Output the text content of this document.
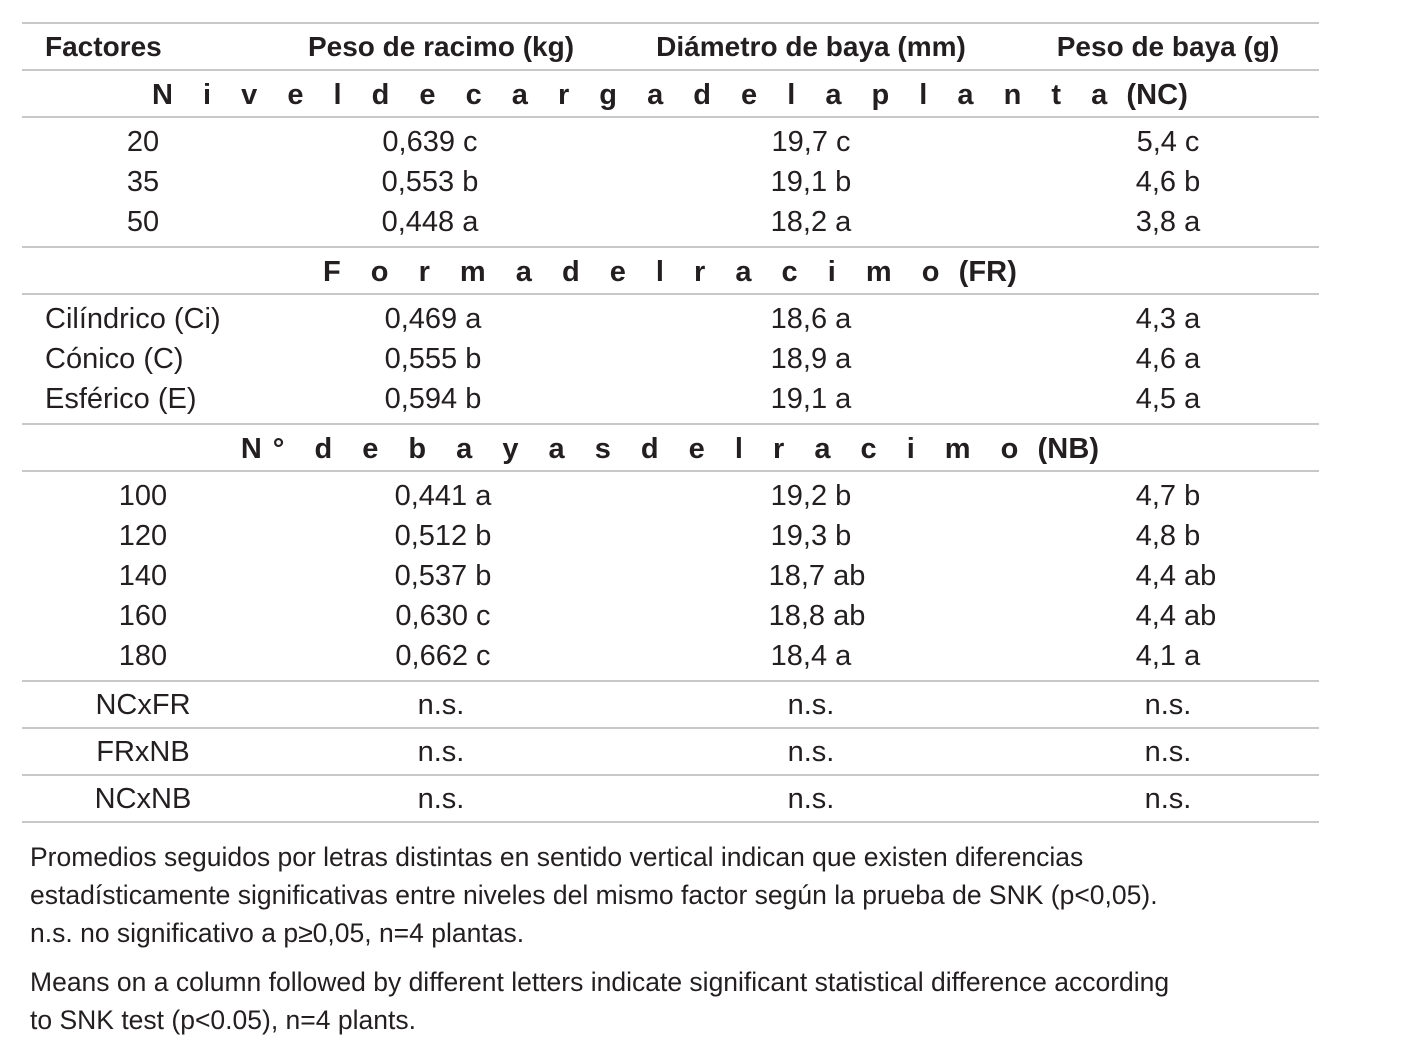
Factores	Peso de racimo (kg)	Diámetro de baya (mm)	Peso de baya (g)
N i v e l d e c a r g a d e l a p l a n t a (NC)
20	0,639 c	19,7 c	5,4 c
35	0,553 b	19,1 b	4,6 b
50	0,448 a	18,2 a	3,8 a
F o r m a d e l r a c i m o (FR)
Cilíndrico (Ci)	0,469 a	18,6 a	4,3 a
Cónico (C)	0,555 b	18,9 a	4,6 a
Esférico (E)	0,594 b	19,1 a	4,5 a
N° d e b a y a s d e l r a c i m o (NB)
100	0,441 a	19,2 b	4,7 b
120	0,512 b	19,3 b	4,8 b
140	0,537 b	18,7 ab	4,4 ab
160	0,630 c	18,8 ab	4,4 ab
180	0,662 c	18,4 a	4,1 a
NCxFR	n.s.	n.s.	n.s.
FRxNB	n.s.	n.s.	n.s.
NCxNB	n.s.	n.s.	n.s.
Promedios seguidos por letras distintas en sentido vertical indican que existen diferencias
estadísticamente significativas entre niveles del mismo factor según la prueba de SNK (p<0,05).
n.s. no significativo a p≥0,05, n=4 plantas.
Means on a column followed by different letters indicate significant statistical difference according
to SNK test (p<0.05), n=4 plants.
